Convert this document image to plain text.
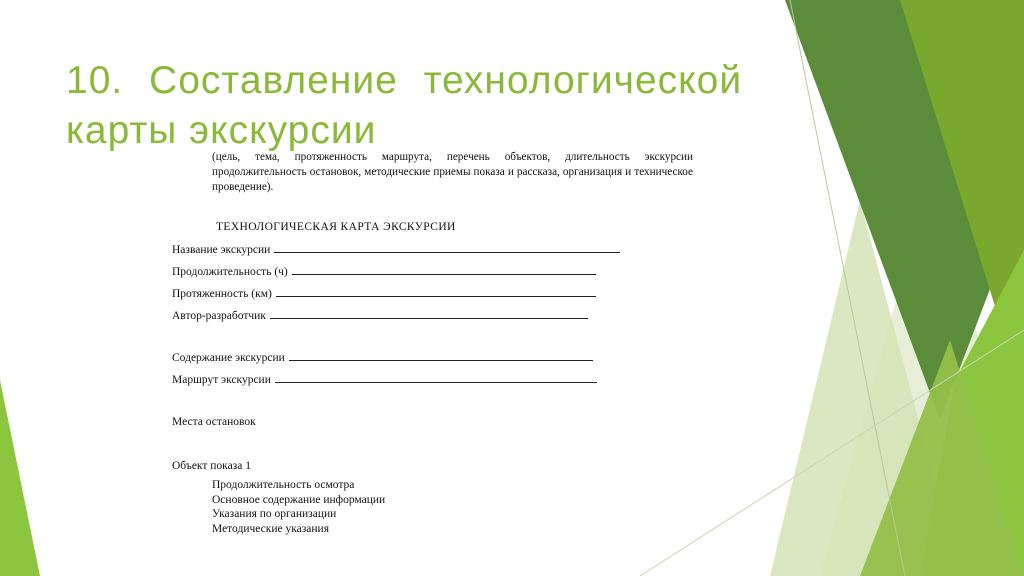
10. Составление технологической
карты экскурсии
(цель, тема, протяженность маршрута, перечень объектов, длительность экскурсии продолжительность остановок, методические приемы показа и рассказа, организация и техническое проведение).
ТЕХНОЛОГИЧЕСКАЯ КАРТА ЭКСКУРСИИ
Название экскурсии
Продолжительность (ч)
Протяженность (км)
Автор-разработчик
Содержание экскурсии
Маршрут экскурсии
Места остановок
Объект показа 1
Продолжительность осмотра
Основное содержание информации
Указания по организации
Методические указания
